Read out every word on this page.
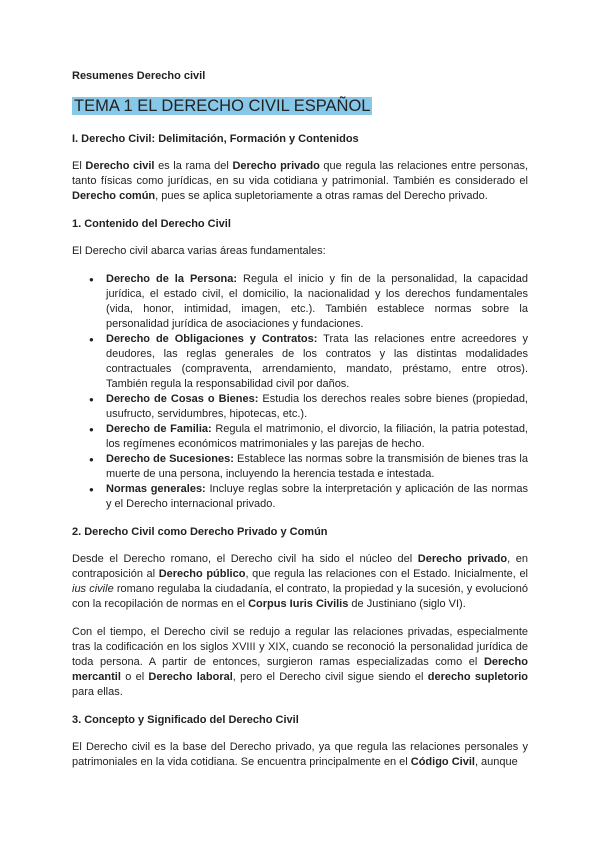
Resumenes Derecho civil
TEMA 1 EL DERECHO CIVIL ESPAÑOL
I. Derecho Civil: Delimitación, Formación y Contenidos

El Derecho civil es la rama del Derecho privado que regula las relaciones entre personas, tanto físicas como jurídicas, en su vida cotidiana y patrimonial. También es considerado el Derecho común, pues se aplica supletoriamente a otras ramas del Derecho privado.

1. Contenido del Derecho Civil

El Derecho civil abarca varias áreas fundamentales:

● Derecho de la Persona: Regula el inicio y fin de la personalidad, la capacidad jurídica, el estado civil, el domicilio, la nacionalidad y los derechos fundamentales (vida, honor, intimidad, imagen, etc.). También establece normas sobre la personalidad jurídica de asociaciones y fundaciones.
● Derecho de Obligaciones y Contratos: Trata las relaciones entre acreedores y deudores, las reglas generales de los contratos y las distintas modalidades contractuales (compraventa, arrendamiento, mandato, préstamo, entre otros). También regula la responsabilidad civil por daños.
● Derecho de Cosas o Bienes: Estudia los derechos reales sobre bienes (propiedad, usufructo, servidumbres, hipotecas, etc.).
● Derecho de Familia: Regula el matrimonio, el divorcio, la filiación, la patria potestad, los regímenes económicos matrimoniales y las parejas de hecho.
● Derecho de Sucesiones: Establece las normas sobre la transmisión de bienes tras la muerte de una persona, incluyendo la herencia testada e intestada.
● Normas generales: Incluye reglas sobre la interpretación y aplicación de las normas y el Derecho internacional privado.
2. Derecho Civil como Derecho Privado y Común

Desde el Derecho romano, el Derecho civil ha sido el núcleo del Derecho privado, en contraposición al Derecho público, que regula las relaciones con el Estado. Inicialmente, el ius civile romano regulaba la ciudadanía, el contrato, la propiedad y la sucesión, y evolucionó con la recopilación de normas en el Corpus Iuris Civilis de Justiniano (siglo VI).

Con el tiempo, el Derecho civil se redujo a regular las relaciones privadas, especialmente tras la codificación en los siglos XVIII y XIX, cuando se reconoció la personalidad jurídica de toda persona. A partir de entonces, surgieron ramas especializadas como el Derecho mercantil o el Derecho laboral, pero el Derecho civil sigue siendo el derecho supletorio para ellas.

3. Concepto y Significado del Derecho Civil

El Derecho civil es la base del Derecho privado, ya que regula las relaciones personales y patrimoniales en la vida cotidiana. Se encuentra principalmente en el Código Civil, aunque
